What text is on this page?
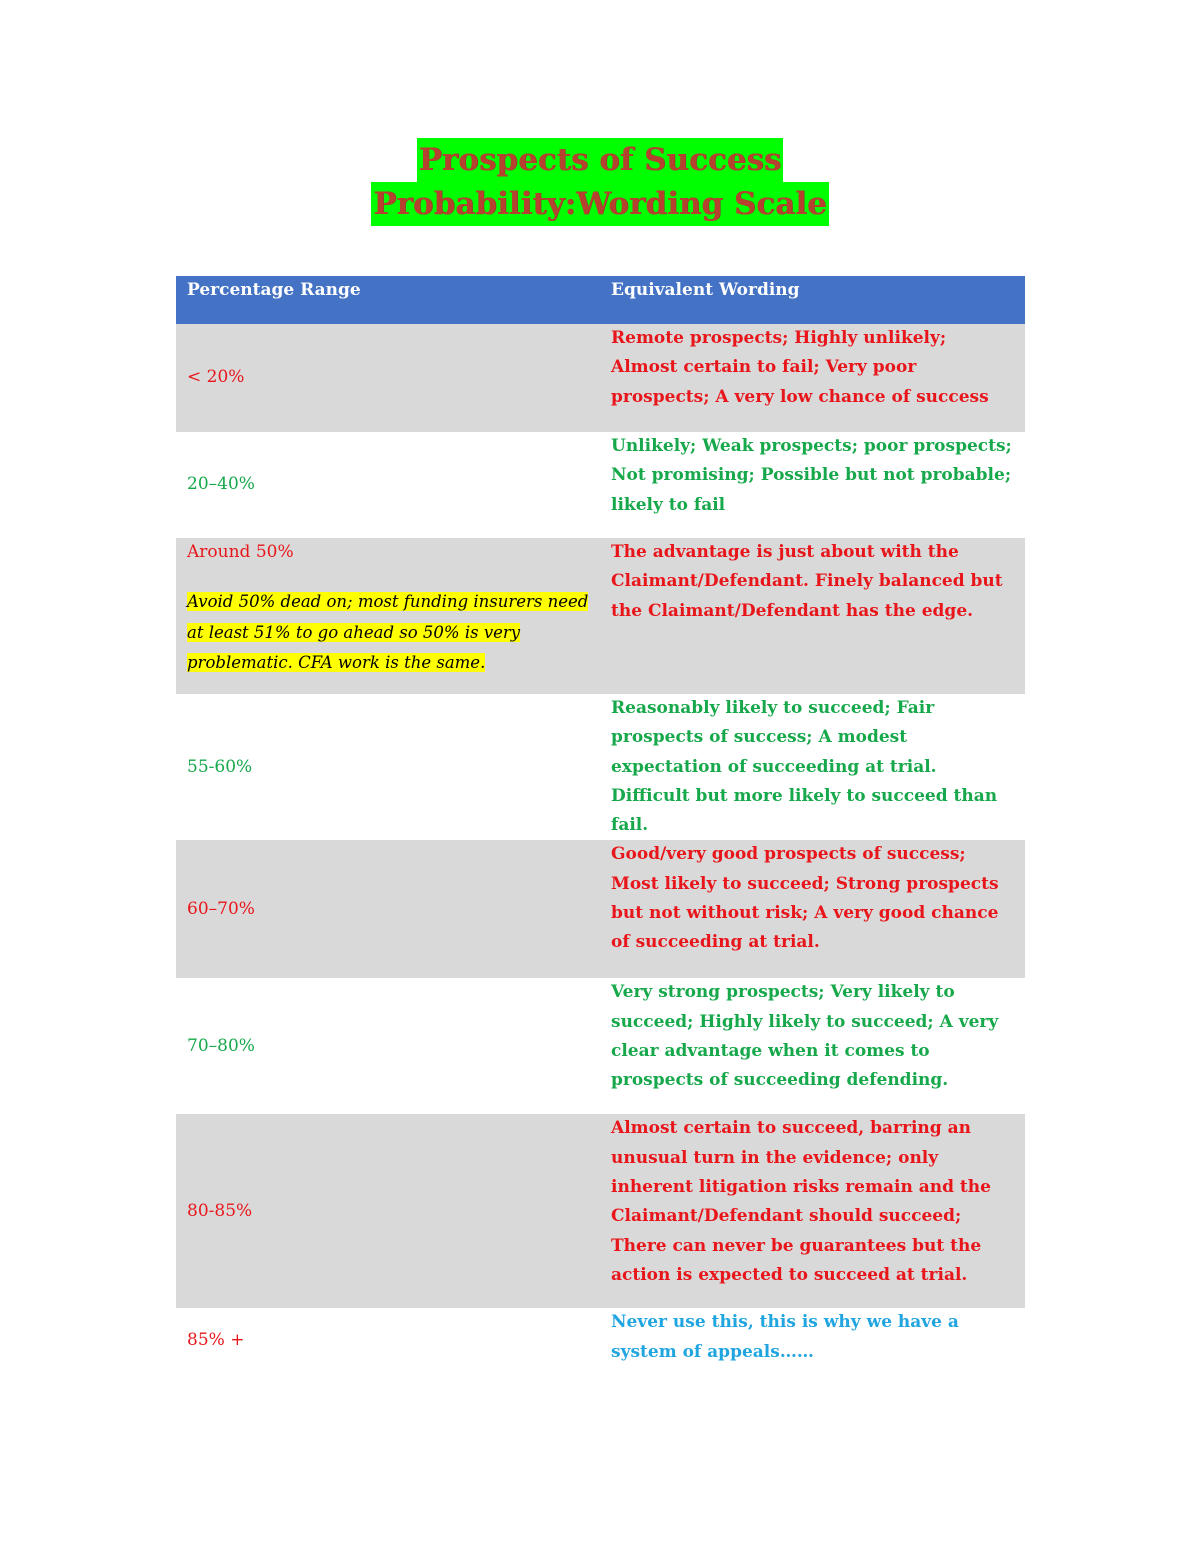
Prospects of Success
Probability:Wording Scale
Percentage Range	Equivalent Wording
< 20%	Remote prospects; Highly unlikely; Almost certain to fail; Very poor prospects; A very low chance of success
20–40%	Unlikely; Weak prospects; poor prospects; Not promising; Possible but not probable; likely to fail

Around 50%
Avoid 50% dead on; most funding insurers need at least 51% to go ahead so 50% is very problematic. CFA work is the same.	The advantage is just about with the Claimant/Defendant. Finely balanced but the Claimant/Defendant has the edge.
55-60%	Reasonably likely to succeed; Fair prospects of success; A modest expectation of succeeding at trial. Difficult but more likely to succeed than fail.
60–70%	Good/very good prospects of success; Most likely to succeed; Strong prospects but not without risk; A very good chance of succeeding at trial.
70–80%	Very strong prospects; Very likely to succeed; Highly likely to succeed; A very clear advantage when it comes to prospects of succeeding defending.
80-85%	Almost certain to succeed, barring an unusual turn in the evidence; only inherent litigation risks remain and the Claimant/Defendant should succeed; There can never be guarantees but the action is expected to succeed at trial.
85% +	Never use this, this is why we have a system of appeals……
